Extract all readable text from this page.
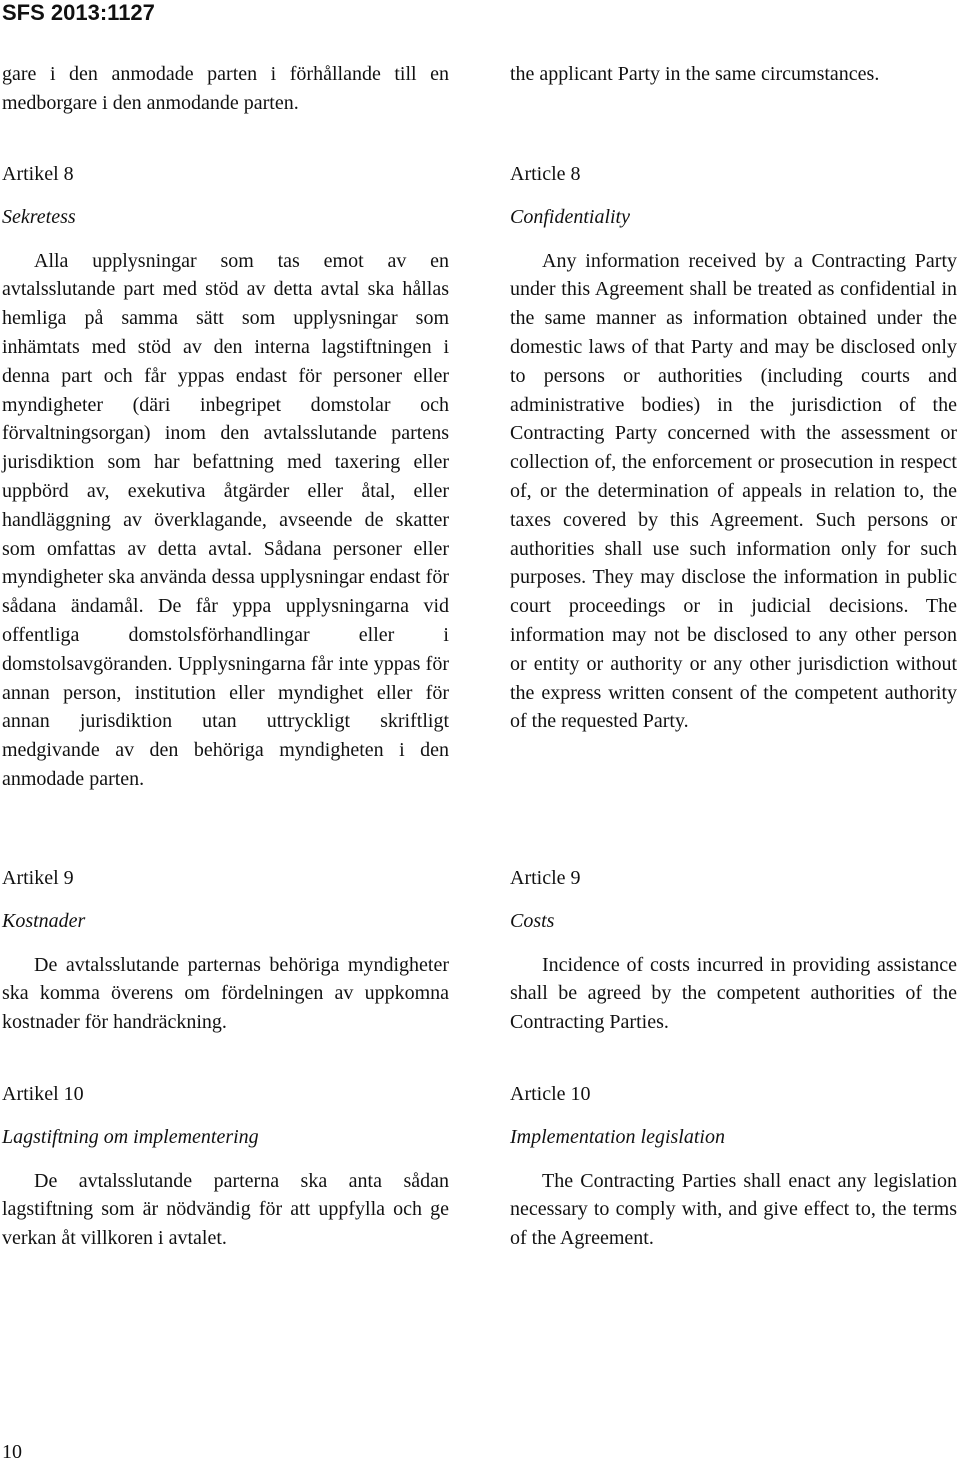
SFS 2013:1127

gare i den anmodade parten i förhållande till en medborgare i den anmodande parten.

the applicant Party in the same circumstances.

Artikel 8

Sekretess

Alla upplysningar som tas emot av en avtalsslutande part med stöd av detta avtal ska hållas hemliga på samma sätt som upplysningar som inhämtats med stöd av den interna lagstiftningen i denna part och får yppas endast för personer eller myndigheter (däri inbegripet domstolar och förvaltningsorgan) inom den avtalsslutande partens jurisdiktion som har befattning med taxering eller uppbörd av, exekutiva åtgärder eller åtal, eller handläggning av överklagande, avseende de skatter som omfattas av detta avtal. Sådana personer eller myndigheter ska använda dessa upplysningar endast för sådana ändamål. De får yppa upplysningarna vid offentliga domstolsförhandlingar eller i domstolsavgöranden. Upplysningarna får inte yppas för annan person, institution eller myndighet eller för annan jurisdiktion utan uttryckligt skriftligt medgivande av den behöriga myndigheten i den anmodade parten.

Article 8

Confidentiality

Any information received by a Contracting Party under this Agreement shall be treated as confidential in the same manner as information obtained under the domestic laws of that Party and may be disclosed only to persons or authorities (including courts and administrative bodies) in the jurisdiction of the Contracting Party concerned with the assessment or collection of, the enforcement or prosecution in respect of, or the determination of appeals in relation to, the taxes covered by this Agreement. Such persons or authorities shall use such information only for such purposes. They may disclose the information in public court proceedings or in judicial decisions. The information may not be disclosed to any other person or entity or authority or any other jurisdiction without the express written consent of the competent authority of the requested Party.

Artikel 9

Kostnader

De avtalsslutande parternas behöriga myndigheter ska komma överens om fördelningen av uppkomna kostnader för handräckning.

Article 9

Costs

Incidence of costs incurred in providing assistance shall be agreed by the competent authorities of the Contracting Parties.

Artikel 10

Lagstiftning om implementering

De avtalsslutande parterna ska anta sådan lagstiftning som är nödvändig för att uppfylla och ge verkan åt villkoren i avtalet.

Article 10

Implementation legislation

The Contracting Parties shall enact any legislation necessary to comply with, and give effect to, the terms of the Agreement.

10
